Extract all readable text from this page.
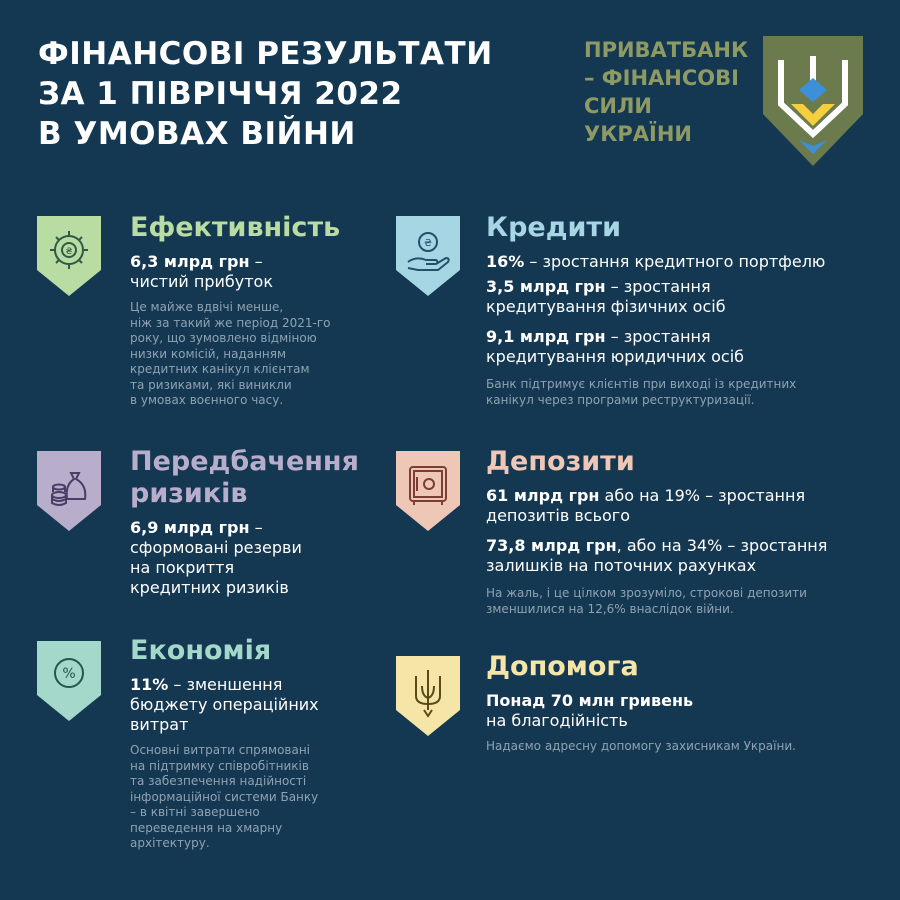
ФІНАНСОВІ РЕЗУЛЬТАТИ
ЗА 1 ПІВРІЧЧЯ 2022
В УМОВАХ ВІЙНИ
ПРИВАТБАНК
– ФІНАНСОВІ
СИЛИ
УКРАЇНИ
₴
Ефективність
6,3 млрд грн –
чистий прибуток
Це майже вдвічі менше,
ніж за такий же період 2021-го
року, що зумовлено відміною
низки комісій, наданням
кредитних канікул клієнтам
та ризиками, які виникли
в умовах воєнного часу.
₴
Кредити
16% – зростання кредитного портфелю
3,5 млрд грн – зростання
кредитування фізичних осіб
9,1 млрд грн – зростання
кредитування юридичних осіб
Банк підтримує клієнтів при виході із кредитних
канікул через програми реструктуризації.
Передбачення
ризиків
6,9 млрд грн –
сформовані резерви
на покриття
кредитних ризиків
Депозити
61 млрд грн або на 19% – зростання
депозитів всього
73,8 млрд грн, або на 34% – зростання
залишків на поточних рахунках
На жаль, і це цілком зрозуміло, строкові депозити
зменшилися на 12,6% внаслідок війни.
%
Економія
11% – зменшення
бюджету операційних
витрат
Основні витрати спрямовані
на підтримку співробітників
та забезпечення надійності
інформаційної системи Банку
– в квітні завершено
переведення на хмарну
архітектуру.
Допомога
Понад 70 млн гривень
на благодійність
Надаємо адресну допомогу захисникам України.
